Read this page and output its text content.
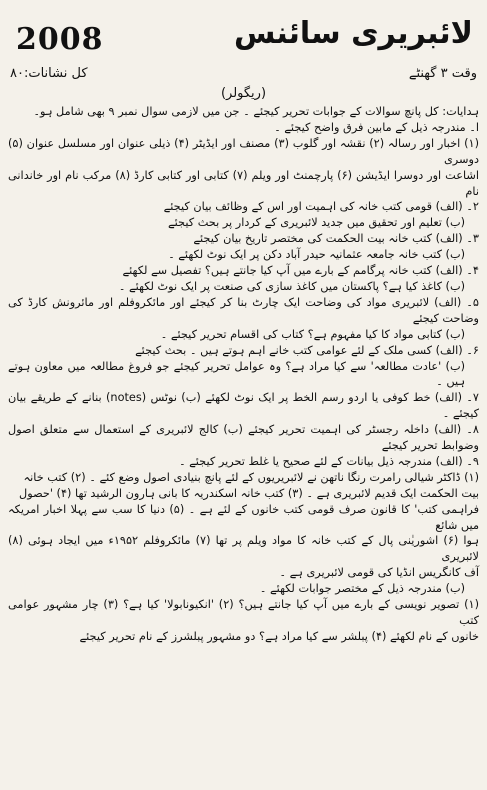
2008	لائبریری سائنس
وقت ۳ گھنٹے
کل نشانات:۸۰
(ریگولر)

ہدایات: کل پانچ سوالات کے جوابات تحریر کیجئے ۔ جن میں لازمی سوال نمبر ۹ بھی شامل ہو۔

ا۔ مندرجہ ذیل کے مابین فرق واضح کیجئے ۔

(۱) اخبار اور رسالہ (۲) نقشہ اور گلوب (۳) مصنف اور ایڈیٹر (۴) ذیلی عنوان اور مسلسل عنوان (۵) دوسری

اشاعت اور دوسرا ایڈیشن (۶) پارچمنٹ اور ویلم (۷) کتابی اور کتابی کارڈ (۸) مرکب نام اور خاندانی نام

۲۔ (الف) قومی کتب خانہ کی اہمیت اور اس کے وظائف بیان کیجئے

(ب) تعلیم اور تحقیق میں جدید لائبریری کے کردار پر بحث کیجئے

۳۔ (الف) کتب خانہ بیت الحکمت کی مختصر تاریخ بیان کیجئے

(ب) کتب خانہ جامعہ عثمانیہ حیدر آباد دکن پر ایک نوٹ لکھئے ۔

۴۔ (الف) کتب خانہ پرگامم کے بارے میں آپ کیا جانتے ہیں؟ تفصیل سے لکھئے

(ب) کاغذ کیا ہے؟ پاکستان میں کاغذ سازی کی صنعت پر ایک نوٹ لکھئے ۔

۵۔ (الف) لائبریری مواد کی وضاحت ایک چارٹ بنا کر کیجئے اور مائکروفلم اور مائرونش کارڈ کی وضاحت کیجئے

(ب) کتابی مواد کا کیا مفہوم ہے؟ کتاب کی اقسام تحریر کیجئے ۔

۶۔ (الف) کسی ملک کے لئے عوامی کتب خانے اہم ہوتے ہیں ۔ بحث کیجئے

(ب) 'عادت مطالعہ' سے کیا مراد ہے؟ وہ عوامل تحریر کیجئے جو فروغ مطالعہ میں معاون ہوتے ہیں ۔

۷۔ (الف) خط کوفی یا اردو رسم الخط پر ایک نوٹ لکھئے (ب) نوٹس (notes) بنانے کے طریقے بیان کیجئے ۔

۸۔ (الف) داخلہ رجسٹر کی اہمیت تحریر کیجئے (ب) کالج لائبریری کے استعمال سے متعلق اصول وضوابط تحریر کیجئے

۹۔ (الف) مندرجہ ذیل بیانات کے لئے صحیح یا غلط تحریر کیجئے ۔

(۱) ڈاکٹر شیالی رامرت رنگا ناتھن نے لائبریریوں کے لئے پانچ بنیادی اصول وضع کئے ۔ (۲) کتب خانہ

بیت الحکمت ایک قدیم لائبریری ہے ۔ (۳) کتب خانہ اسکندریہ کا بانی ہارون الرشید تھا (۴) 'حصول

فراہمی کتب' کا قانون صرف قومی کتب خانوں کے لئے ہے ۔ (۵) دنیا کا سب سے پہلا اخبار امریکہ میں شائع

ہوا (۶) اشوریٰنی پال کے کتب خانہ کا مواد ویلم پر تھا (۷) مائکروفلم ۱۹۵۲ء میں ایجاد ہوئی (۸) لائبریری

آف کانگریس انڈیا کی قومی لائبریری ہے ۔

(ب) مندرجہ ذیل کے مختصر جوابات لکھئے ۔

(۱) تصویر نویسی کے بارے میں آپ کیا جانتے ہیں؟ (۲) 'انکیونابولا' کیا ہے؟ (۳) چار مشہور عوامی کتب

خانوں کے نام لکھئے (۴) پبلشر سے کیا مراد ہے؟ دو مشہور پبلشرز کے نام تحریر کیجئے
